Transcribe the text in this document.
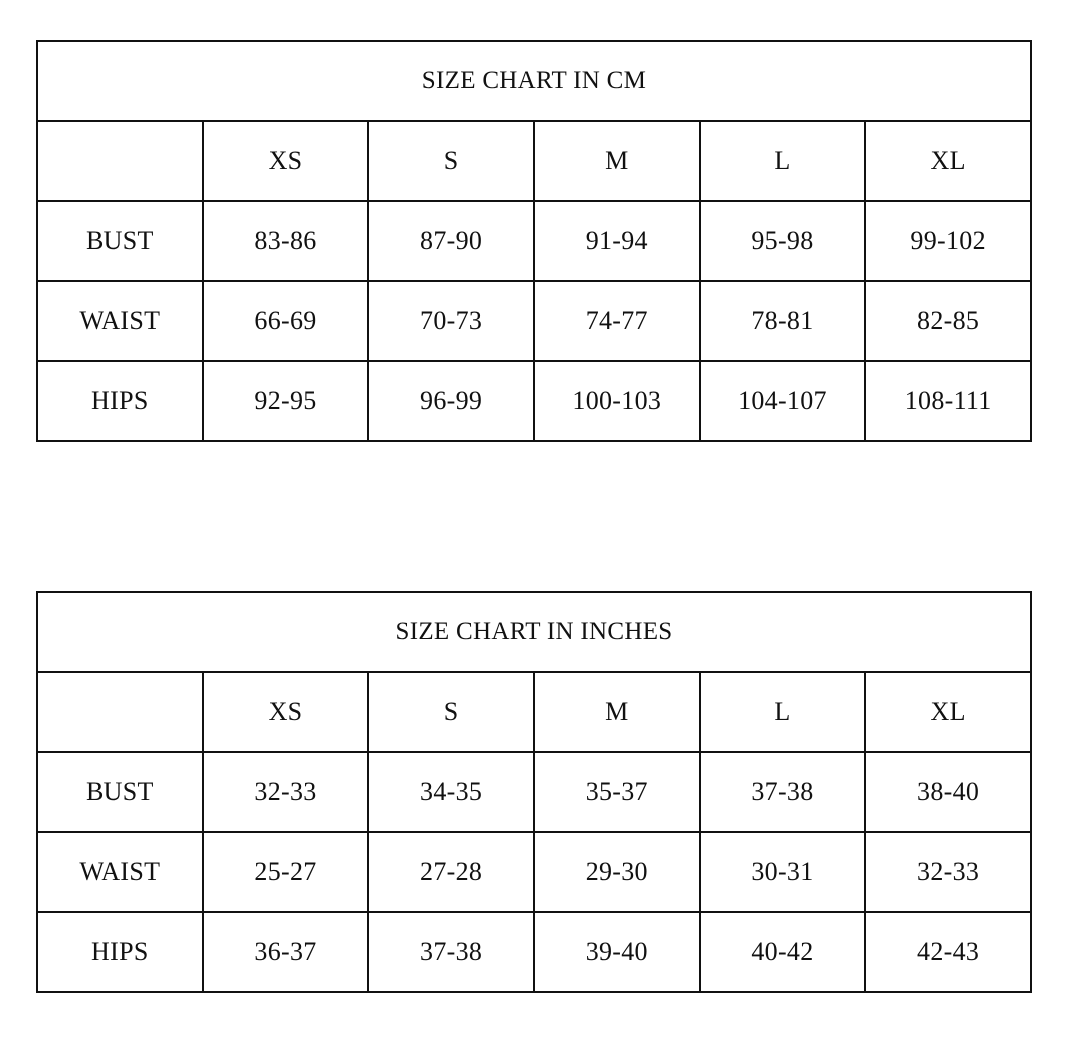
SIZE CHART IN CM					
	XS	S	M	L	XL
BUST	83-86	87-90	91-94	95-98	99-102
WAIST	66-69	70-73	74-77	78-81	82-85
HIPS	92-95	96-99	100-103	104-107	108-111
SIZE CHART IN INCHES					
	XS	S	M	L	XL
BUST	32-33	34-35	35-37	37-38	38-40
WAIST	25-27	27-28	29-30	30-31	32-33
HIPS	36-37	37-38	39-40	40-42	42-43
